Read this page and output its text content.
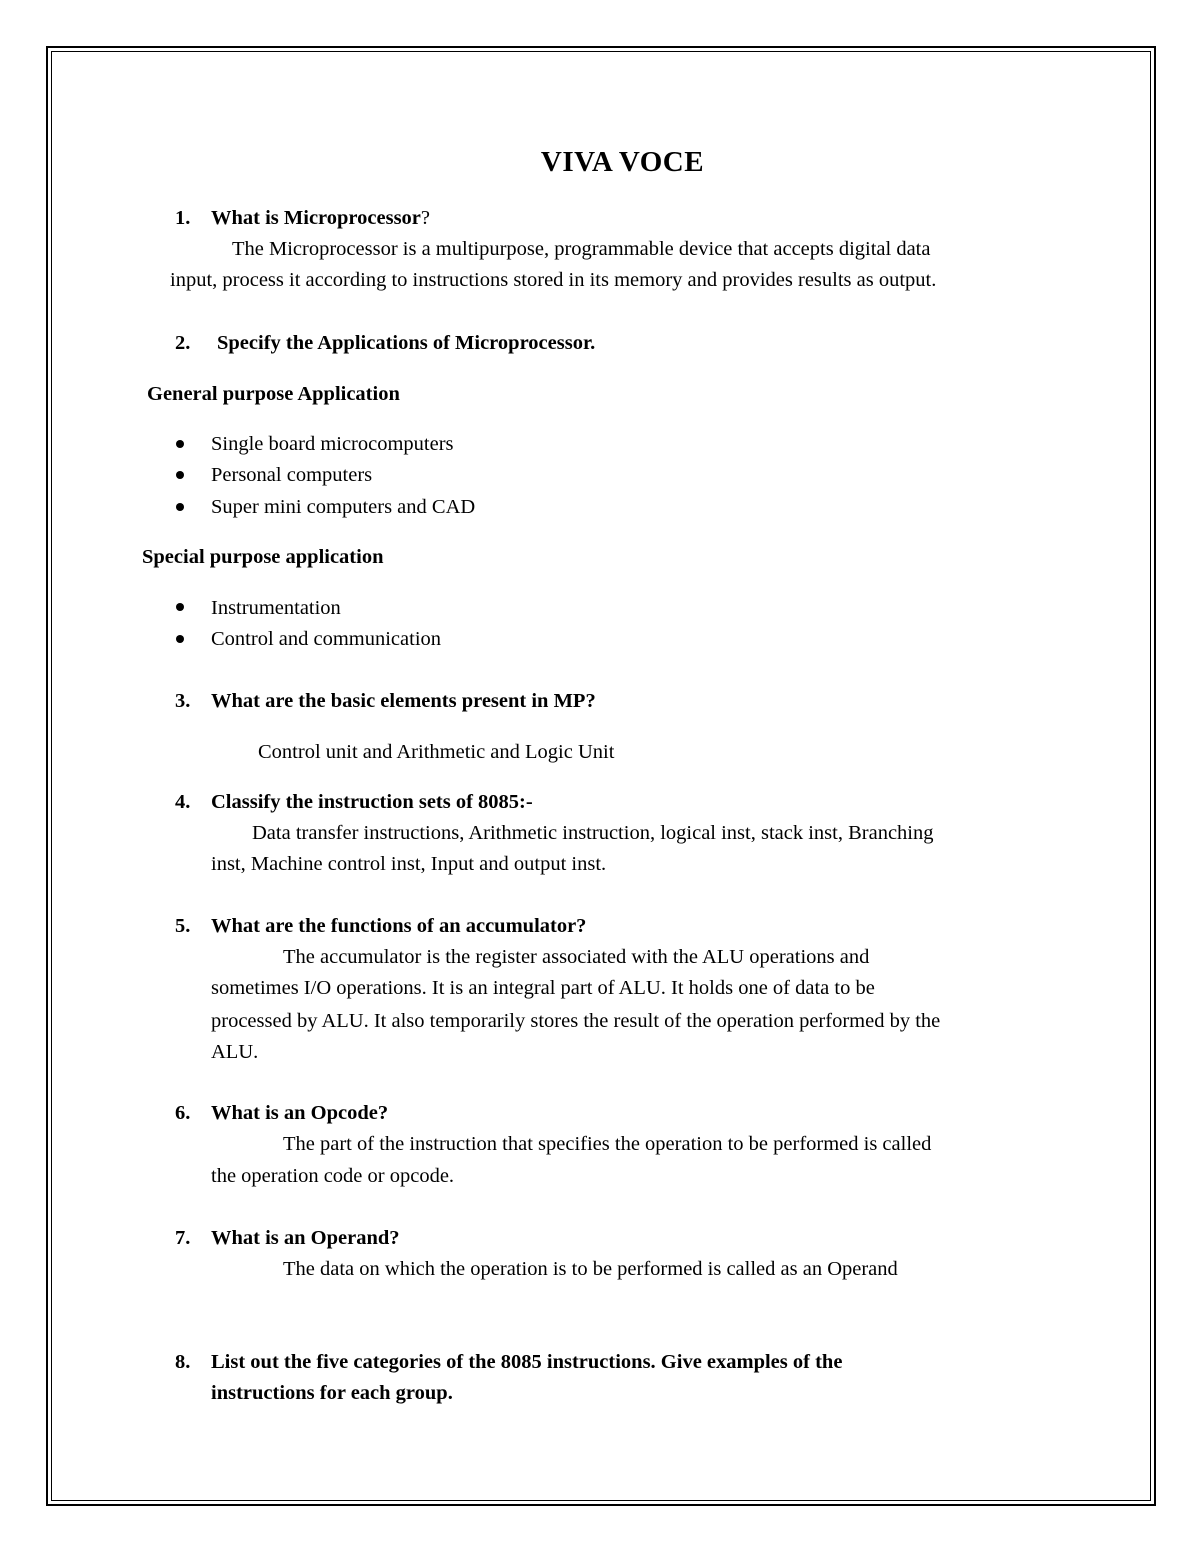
VIVA VOCE
1. What is Microprocessor?
The Microprocessor is a multipurpose, programmable device that accepts digital data
input, process it according to instructions stored in its memory and provides results as output.
2. Specify the Applications of Microprocessor.
General purpose Application
Single board microcomputers
Personal computers
Super mini computers and CAD
Special purpose application
Instrumentation
Control and communication
3. What are the basic elements present in MP?
Control unit and Arithmetic and Logic Unit
4. Classify the instruction sets of 8085:-
Data transfer instructions, Arithmetic instruction, logical inst, stack inst, Branching
inst, Machine control inst, Input and output inst.
5. What are the functions of an accumulator?
The accumulator is the register associated with the ALU operations and
sometimes I/O operations. It is an integral part of ALU. It holds one of data to be
processed by ALU. It also temporarily stores the result of the operation performed by the
ALU.
6. What is an Opcode?
The part of the instruction that specifies the operation to be performed is called
the operation code or opcode.
7. What is an Operand?
The data on which the operation is to be performed is called as an Operand
8. List out the five categories of the 8085 instructions. Give examples of the
instructions for each group.
